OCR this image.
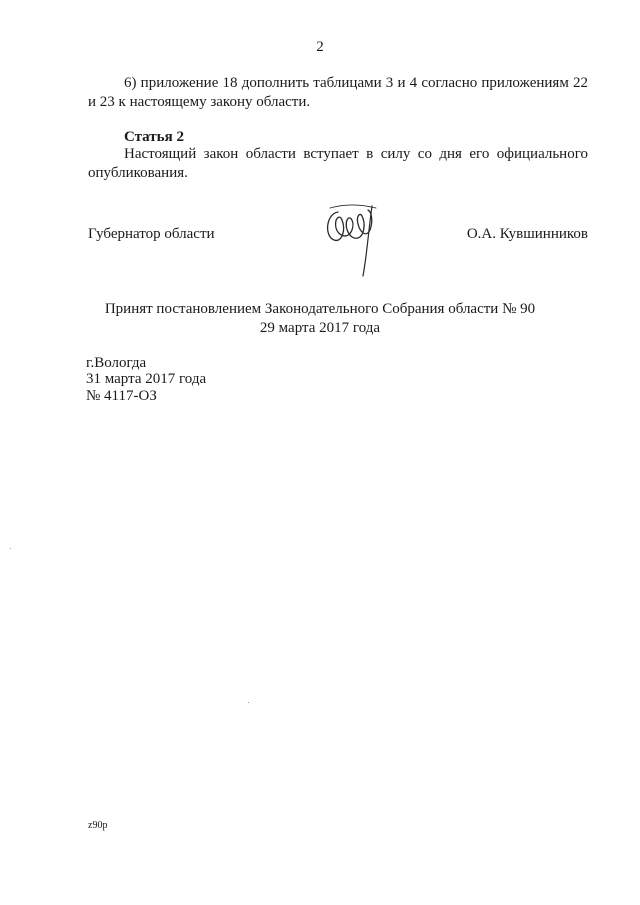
2
6) приложение 18 дополнить таблицами 3 и 4 согласно приложениям 22 и 23 к настоящему закону области.
Статья 2
Настоящий закон области вступает в силу со дня его официального опубликования.
Губернатор области	О.А. Кувшинников
Принят постановлением Законодательного Собрания области № 90
29 марта 2017 года
г.Вологда
31 марта 2017 года
№ 4117-ОЗ
z90p
